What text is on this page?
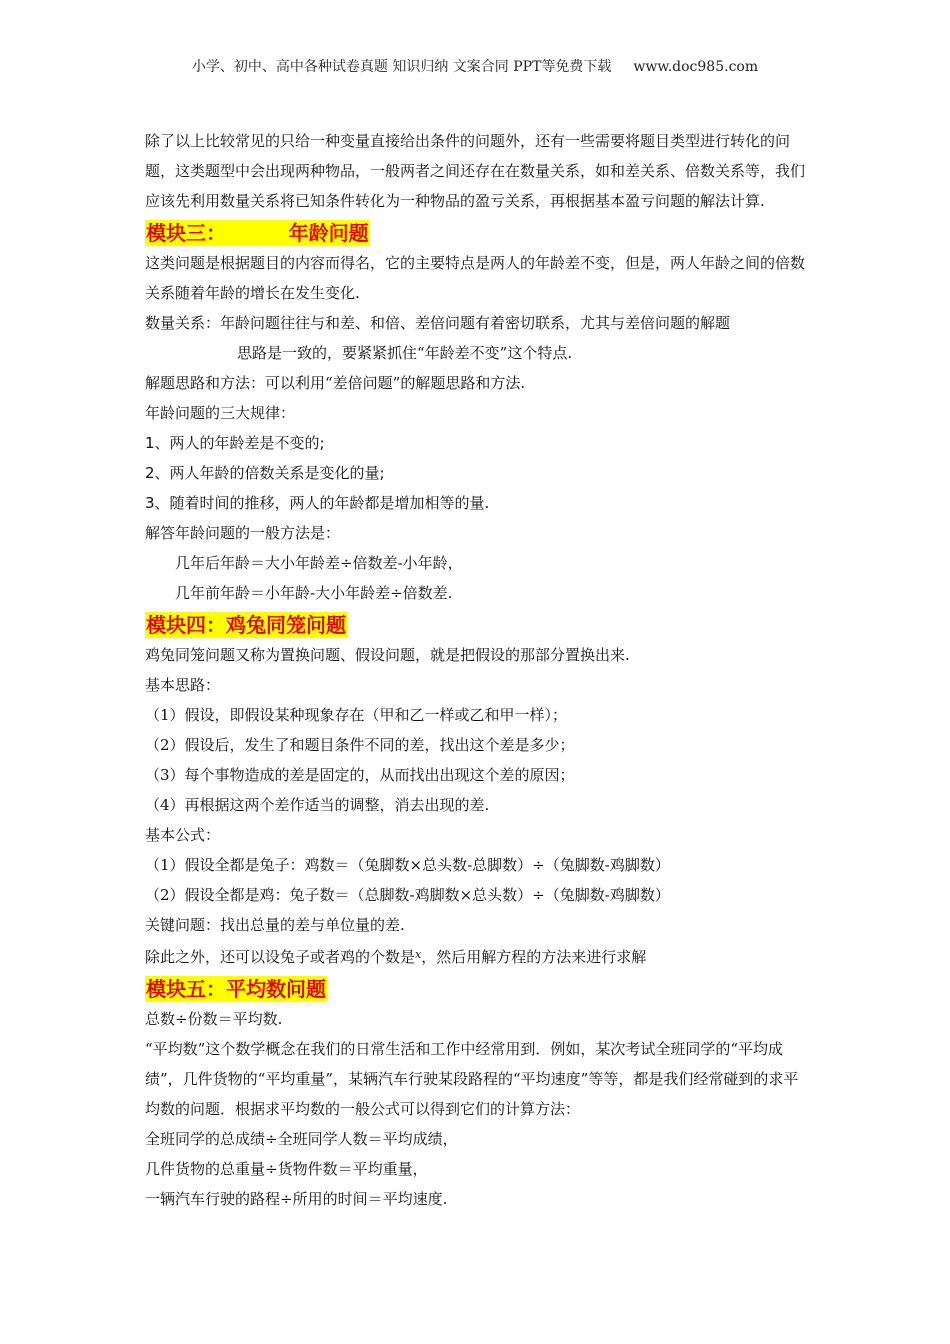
小学、初中、高中各种试卷真题 知识归纳 文案合同 PPT等免费下载 www.doc985.com

除了以上比较常见的只给一种变量直接给出条件的问题外，还有一些需要将题目类型进行转化的问题，这类题型中会出现两种物品，一般两者之间还存在在数量关系，如和差关系、倍数关系等，我们应该先利用数量关系将已知条件转化为一种物品的盈亏关系，再根据基本盈亏问题的解法计算.

模块三：         年龄问题

这类问题是根据题目的内容而得名，它的主要特点是两人的年龄差不变，但是，两人年龄之间的倍数关系随着年龄的增长在发生变化.

数量关系：年龄问题往往与和差、和倍、差倍问题有着密切联系，尤其与差倍问题的解题

思路是一致的，要紧紧抓住“年龄差不变”这个特点.

解题思路和方法：可以利用“差倍问题”的解题思路和方法.

年龄问题的三大规律：

1、两人的年龄差是不变的;

2、两人年龄的倍数关系是变化的量;

3、随着时间的推移，两人的年龄都是增加相等的量.

解答年龄问题的一般方法是：

几年后年龄＝大小年龄差÷倍数差-小年龄，

几年前年龄＝小年龄-大小年龄差÷倍数差.

模块四：鸡兔同笼问题

鸡兔同笼问题又称为置换问题、假设问题，就是把假设的那部分置换出来.

基本思路：

（1）假设，即假设某种现象存在（甲和乙一样或乙和甲一样）；

（2）假设后，发生了和题目条件不同的差，找出这个差是多少；

（3）每个事物造成的差是固定的，从而找出出现这个差的原因；

（4）再根据这两个差作适当的调整，消去出现的差.

基本公式：

（1）假设全都是兔子：鸡数＝（兔脚数×总头数-总脚数）÷（兔脚数-鸡脚数）

（2）假设全都是鸡：兔子数＝（总脚数-鸡脚数×总头数）÷（兔脚数-鸡脚数）

关键问题：找出总量的差与单位量的差.

除此之外，还可以设兔子或者鸡的个数是$^x$，然后用解方程的方法来进行求解

模块五：平均数问题

总数÷份数＝平均数.

“平均数”这个数学概念在我们的日常生活和工作中经常用到．例如，某次考试全班同学的“平均成绩”，几件货物的“平均重量”，某辆汽车行驶某段路程的“平均速度”等等，都是我们经常碰到的求平均数的问题．根据求平均数的一般公式可以得到它们的计算方法：

全班同学的总成绩÷全班同学人数＝平均成绩，

几件货物的总重量÷货物件数＝平均重量，

一辆汽车行驶的路程÷所用的时间＝平均速度.
